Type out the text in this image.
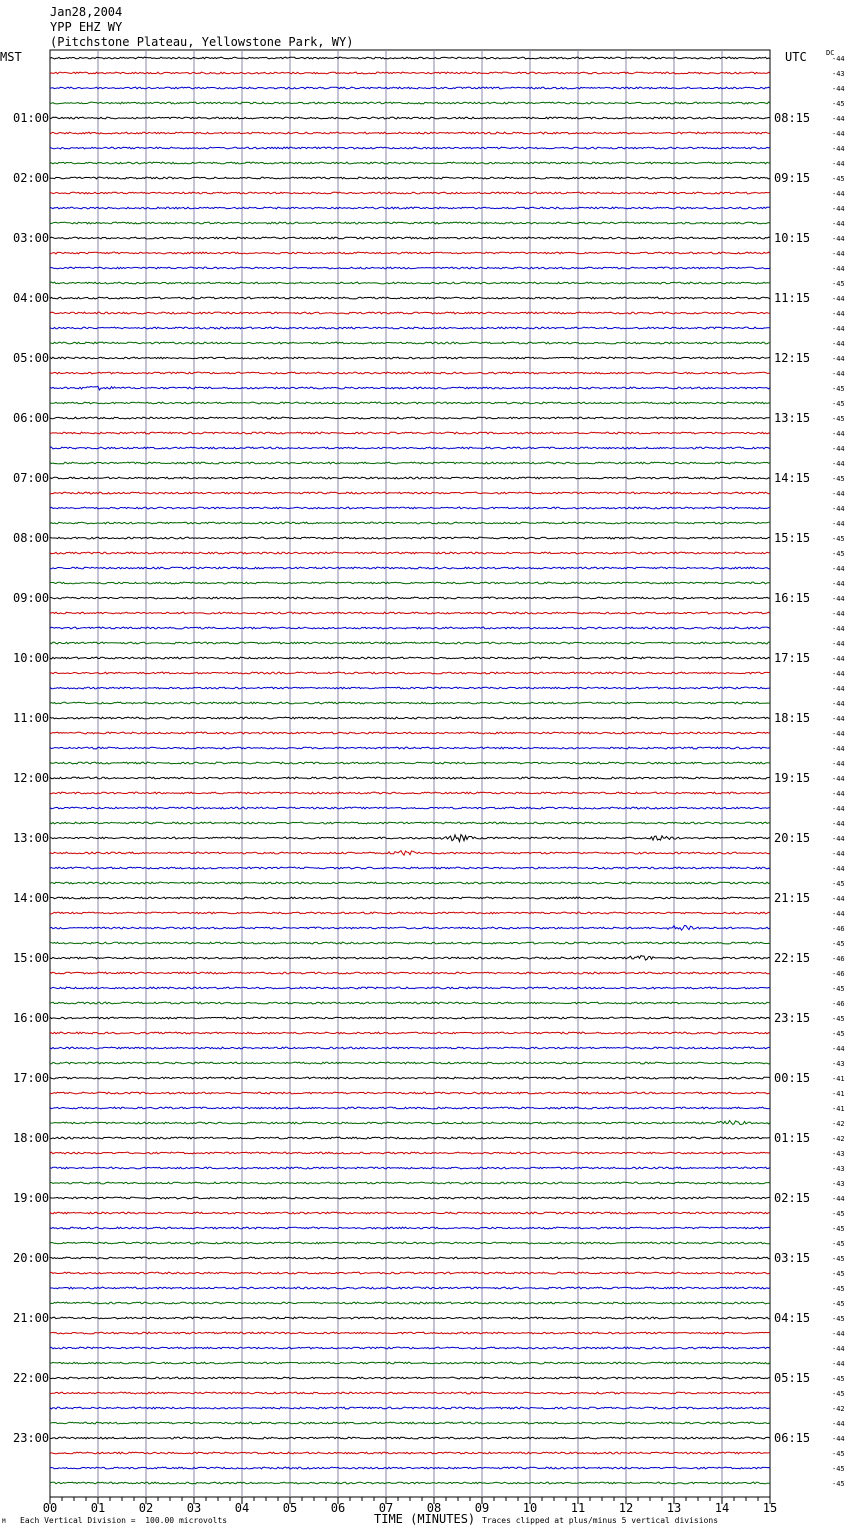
Jan28,2004
YPP EHZ WY
(Pitchstone Plateau, Yellowstone Park, WY)
MST	UTC	DC
-44
-43
-44
-45
-44
-44
-44
-44
-45
-44
-44
-44
-44
-44
-44
-45
-44
-44
-44
-44
-44
-44
-45
-45
-45
-44
-44
-44
-45
-44
-44
-44
-45
-45
-44
-44
-44
-44
-44
-44
-44
-44
-44
-44
-44
-44
-44
-44
-44
-44
-44
-44
-44
-44
-44
-45
-44
-44
-46
-45
-46
-46
-45
-46
-45
-45
-44
-43
-41
-41
-41
-42
-42
-43
-43
-43
-44
-45
-45
-45
-45
-45
-45
-45
-45
-44
-44
-44
-45
-45
-42
-44
-44
-45
-45
-45
01:00	08:15
02:00	09:15
03:00	10:15
04:00	11:15
05:00	12:15
06:00	13:15
07:00	14:15
08:00	15:15
09:00	16:15
10:00	17:15
11:00	18:15
12:00	19:15
13:00	20:15
14:00	21:15
15:00	22:15
16:00	23:15
17:00	00:15
18:00	01:15
19:00	02:15
20:00	03:15
21:00	04:15
22:00	05:15
23:00	06:15
00	01	02	03	04	05	06	07	08	09	10	11	12	13	14	15
M Each Vertical Division =  100.00 microvolts	TIME (MINUTES) Traces clipped at plus/minus 5 vertical divisions
